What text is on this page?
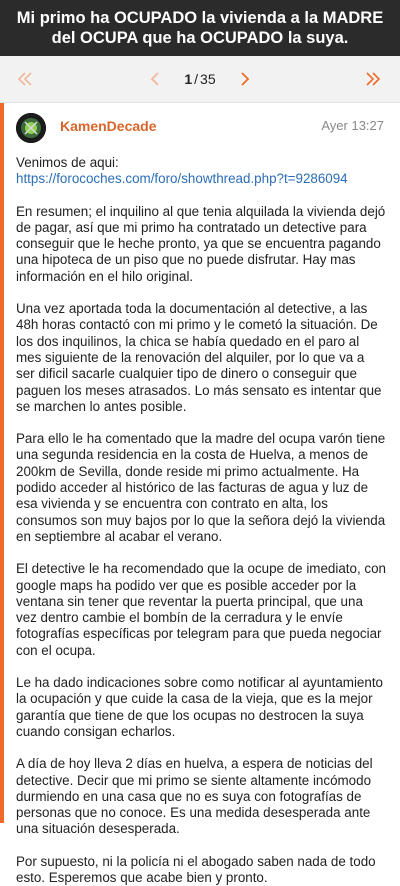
Mi primo ha OCUPADO la vivienda a la MADRE del OCUPA que ha OCUPADO la suya.
1 / 35
KamenDecade	Ayer 13:27

Venimos de aqui: https://forocoches.com/foro/showthread.php?t=9286094

En resumen; el inquilino al que tenia alquilada la vivienda dejó de pagar, así que mi primo ha contratado un detective para conseguir que le heche pronto, ya que se encuentra pagando una hipoteca de un piso que no puede disfrutar. Hay mas información en el hilo original.

Una vez aportada toda la documentación al detective, a las 48h horas contactó con mi primo y le cometó la situación. De los dos inquilinos, la chica se había quedado en el paro al mes siguiente de la renovación del alquiler, por lo que va a ser dificil sacarle cualquier tipo de dinero o conseguir que paguen los meses atrasados. Lo más sensato es intentar que se marchen lo antes posible.

Para ello le ha comentado que la madre del ocupa varón tiene una segunda residencia en la costa de Huelva, a menos de 200km de Sevilla, donde reside mi primo actualmente. Ha podido acceder al histórico de las facturas de agua y luz de esa vivienda y se encuentra con contrato en alta, los consumos son muy bajos por lo que la señora dejó la vivienda en septiembre al acabar el verano.

El detective le ha recomendado que la ocupe de imediato, con google maps ha podido ver que es posible acceder por la ventana sin tener que reventar la puerta principal, que una vez dentro cambie el bombín de la cerradura y le envíe fotografías específicas por telegram para que pueda negociar con el ocupa.

Le ha dado indicaciones sobre como notificar al ayuntamiento la ocupación y que cuide la casa de la vieja, que es la mejor garantía que tiene de que los ocupas no destrocen la suya cuando consigan echarlos.

A día de hoy lleva 2 días en huelva, a espera de noticias del detective. Decir que mi primo se siente altamente incómodo durmiendo en una casa que no es suya con fotografías de personas que no conoce. Es una medida desesperada ante una situación desesperada.

Por supuesto, ni la policía ni el abogado saben nada de todo esto. Esperemos que acabe bien y pronto.
